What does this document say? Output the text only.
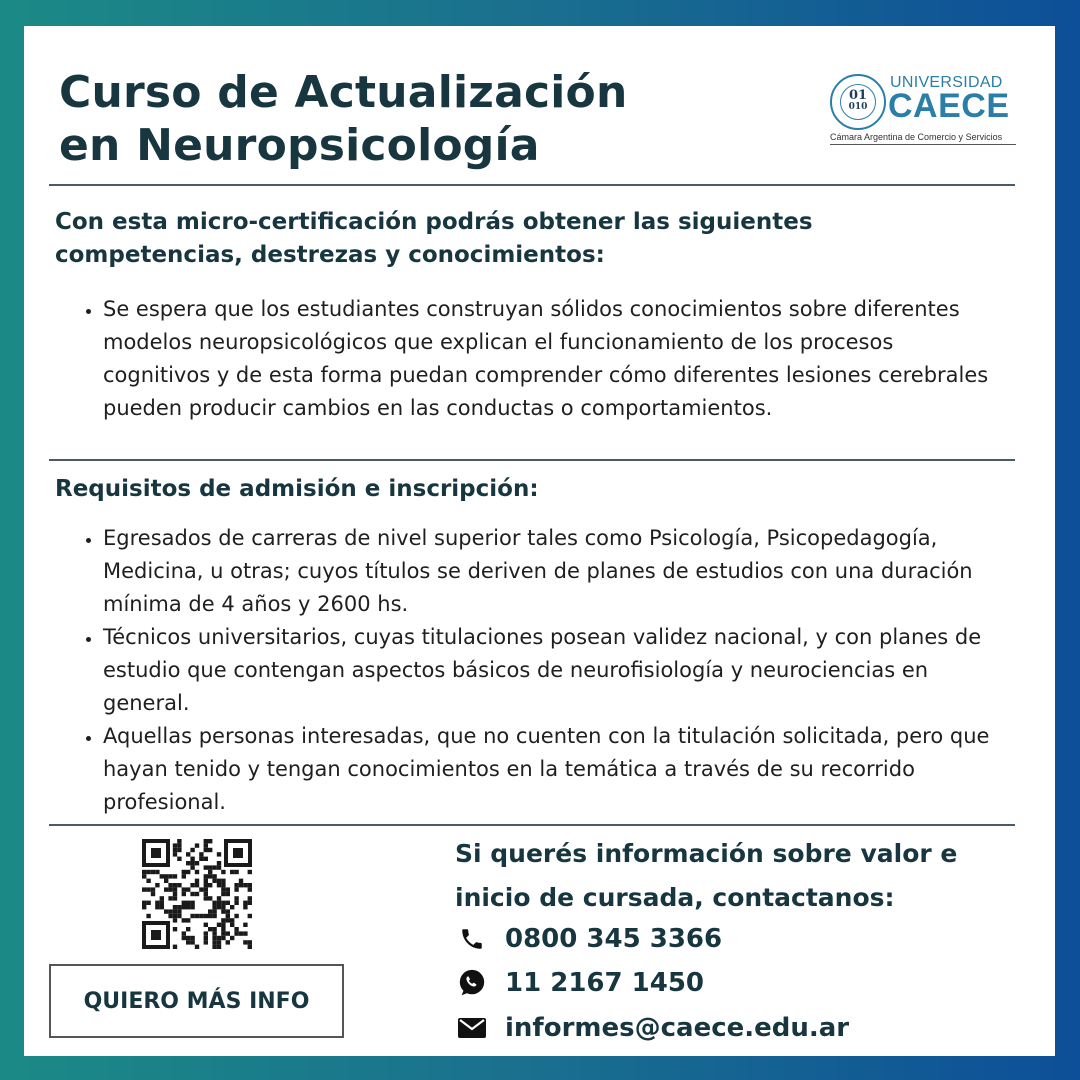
Curso de Actualización
en Neuropsicología
01
010
UNIVERSIDAD
CAECE
Cámara Argentina de Comercio y Servicios
Con esta micro-certificación podrás obtener las siguientes
competencias, destrezas y conocimientos:
• Se espera que los estudiantes construyan sólidos conocimientos sobre diferentes modelos neuropsicológicos que explican el funcionamiento de los procesos cognitivos y de esta forma puedan comprender cómo diferentes lesiones cerebrales pueden producir cambios en las conductas o comportamientos.
Requisitos de admisión e inscripción:
• Egresados de carreras de nivel superior tales como Psicología, Psicopedagogía, Medicina, u otras; cuyos títulos se deriven de planes de estudios con una duración mínima de 4 años y 2600 hs.
• Técnicos universitarios, cuyas titulaciones posean validez nacional, y con planes de estudio que contengan aspectos básicos de neurofisiología y neurociencias en general.
• Aquellas personas interesadas, que no cuenten con la titulación solicitada, pero que hayan tenido y tengan conocimientos en la temática a través de su recorrido profesional.
QUIERO MÁS INFO
Si querés información sobre valor e
inicio de cursada, contactanos:
0800 345 3366
11 2167 1450
informes@caece.edu.ar
